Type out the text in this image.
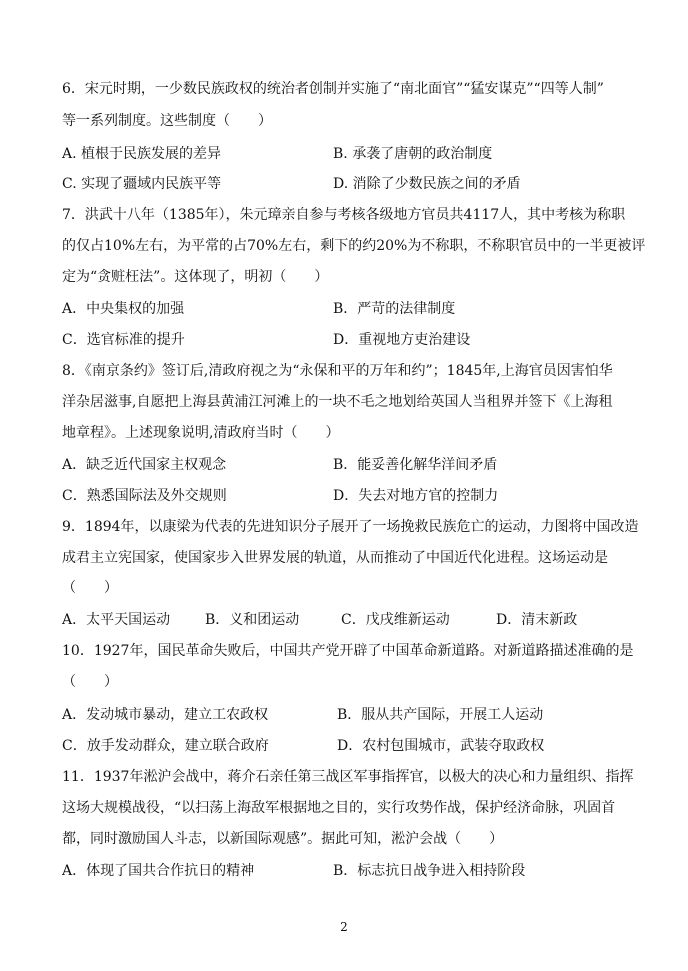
6．宋元时期，一少数民族政权的统治者创制并实施了“南北面官”“猛安谋克”“四等人制”
等一系列制度。这些制度（　　）
A. 植根于民族发展的差异	B. 承袭了唐朝的政治制度
C. 实现了疆域内民族平等	D. 消除了少数民族之间的矛盾
7．洪武十八年（1385年），朱元璋亲自参与考核各级地方官员共4117人，其中考核为称职
的仅占10%左右，为平常的占70%左右，剩下的约20%为不称职，不称职官员中的一半更被评
定为“贪赃枉法”。这体现了，明初（　　）
A．中央集权的加强	B．严苛的法律制度
C．选官标准的提升	D．重视地方吏治建设
8．《南京条约》签订后,清政府视之为“永保和平的万年和约”；1845年,上海官员因害怕华
洋杂居滋事,自愿把上海县黄浦江河滩上的一块不毛之地划给英国人当租界并签下《上海租
地章程》。上述现象说明,清政府当时（　　）
A．缺乏近代国家主权观念	B．能妥善化解华洋间矛盾
C．熟悉国际法及外交规则	D．失去对地方官的控制力
9．1894年，以康梁为代表的先进知识分子展开了一场挽救民族危亡的运动，力图将中国改造
成君主立宪国家，使国家步入世界发展的轨道，从而推动了中国近代化进程。这场运动是
（　　）
A．太平天国运动 B．义和团运动	C．戊戌维新运动	D．清末新政
10．1927年，国民革命失败后，中国共产党开辟了中国革命新道路。对新道路描述准确的是
（　　）
A．发动城市暴动，建立工农政权	B．服从共产国际，开展工人运动
C．放手发动群众，建立联合政府	D．农村包围城市，武装夺取政权
11．1937年淞沪会战中，蒋介石亲任第三战区军事指挥官，以极大的决心和力量组织、指挥
这场大规模战役，“以扫荡上海敌军根据地之目的，实行攻势作战，保护经济命脉，巩固首
都，同时激励国人斗志，以新国际观感”。据此可知，淞沪会战（　　）
A．体现了国共合作抗日的精神	B．标志抗日战争进入相持阶段
2
